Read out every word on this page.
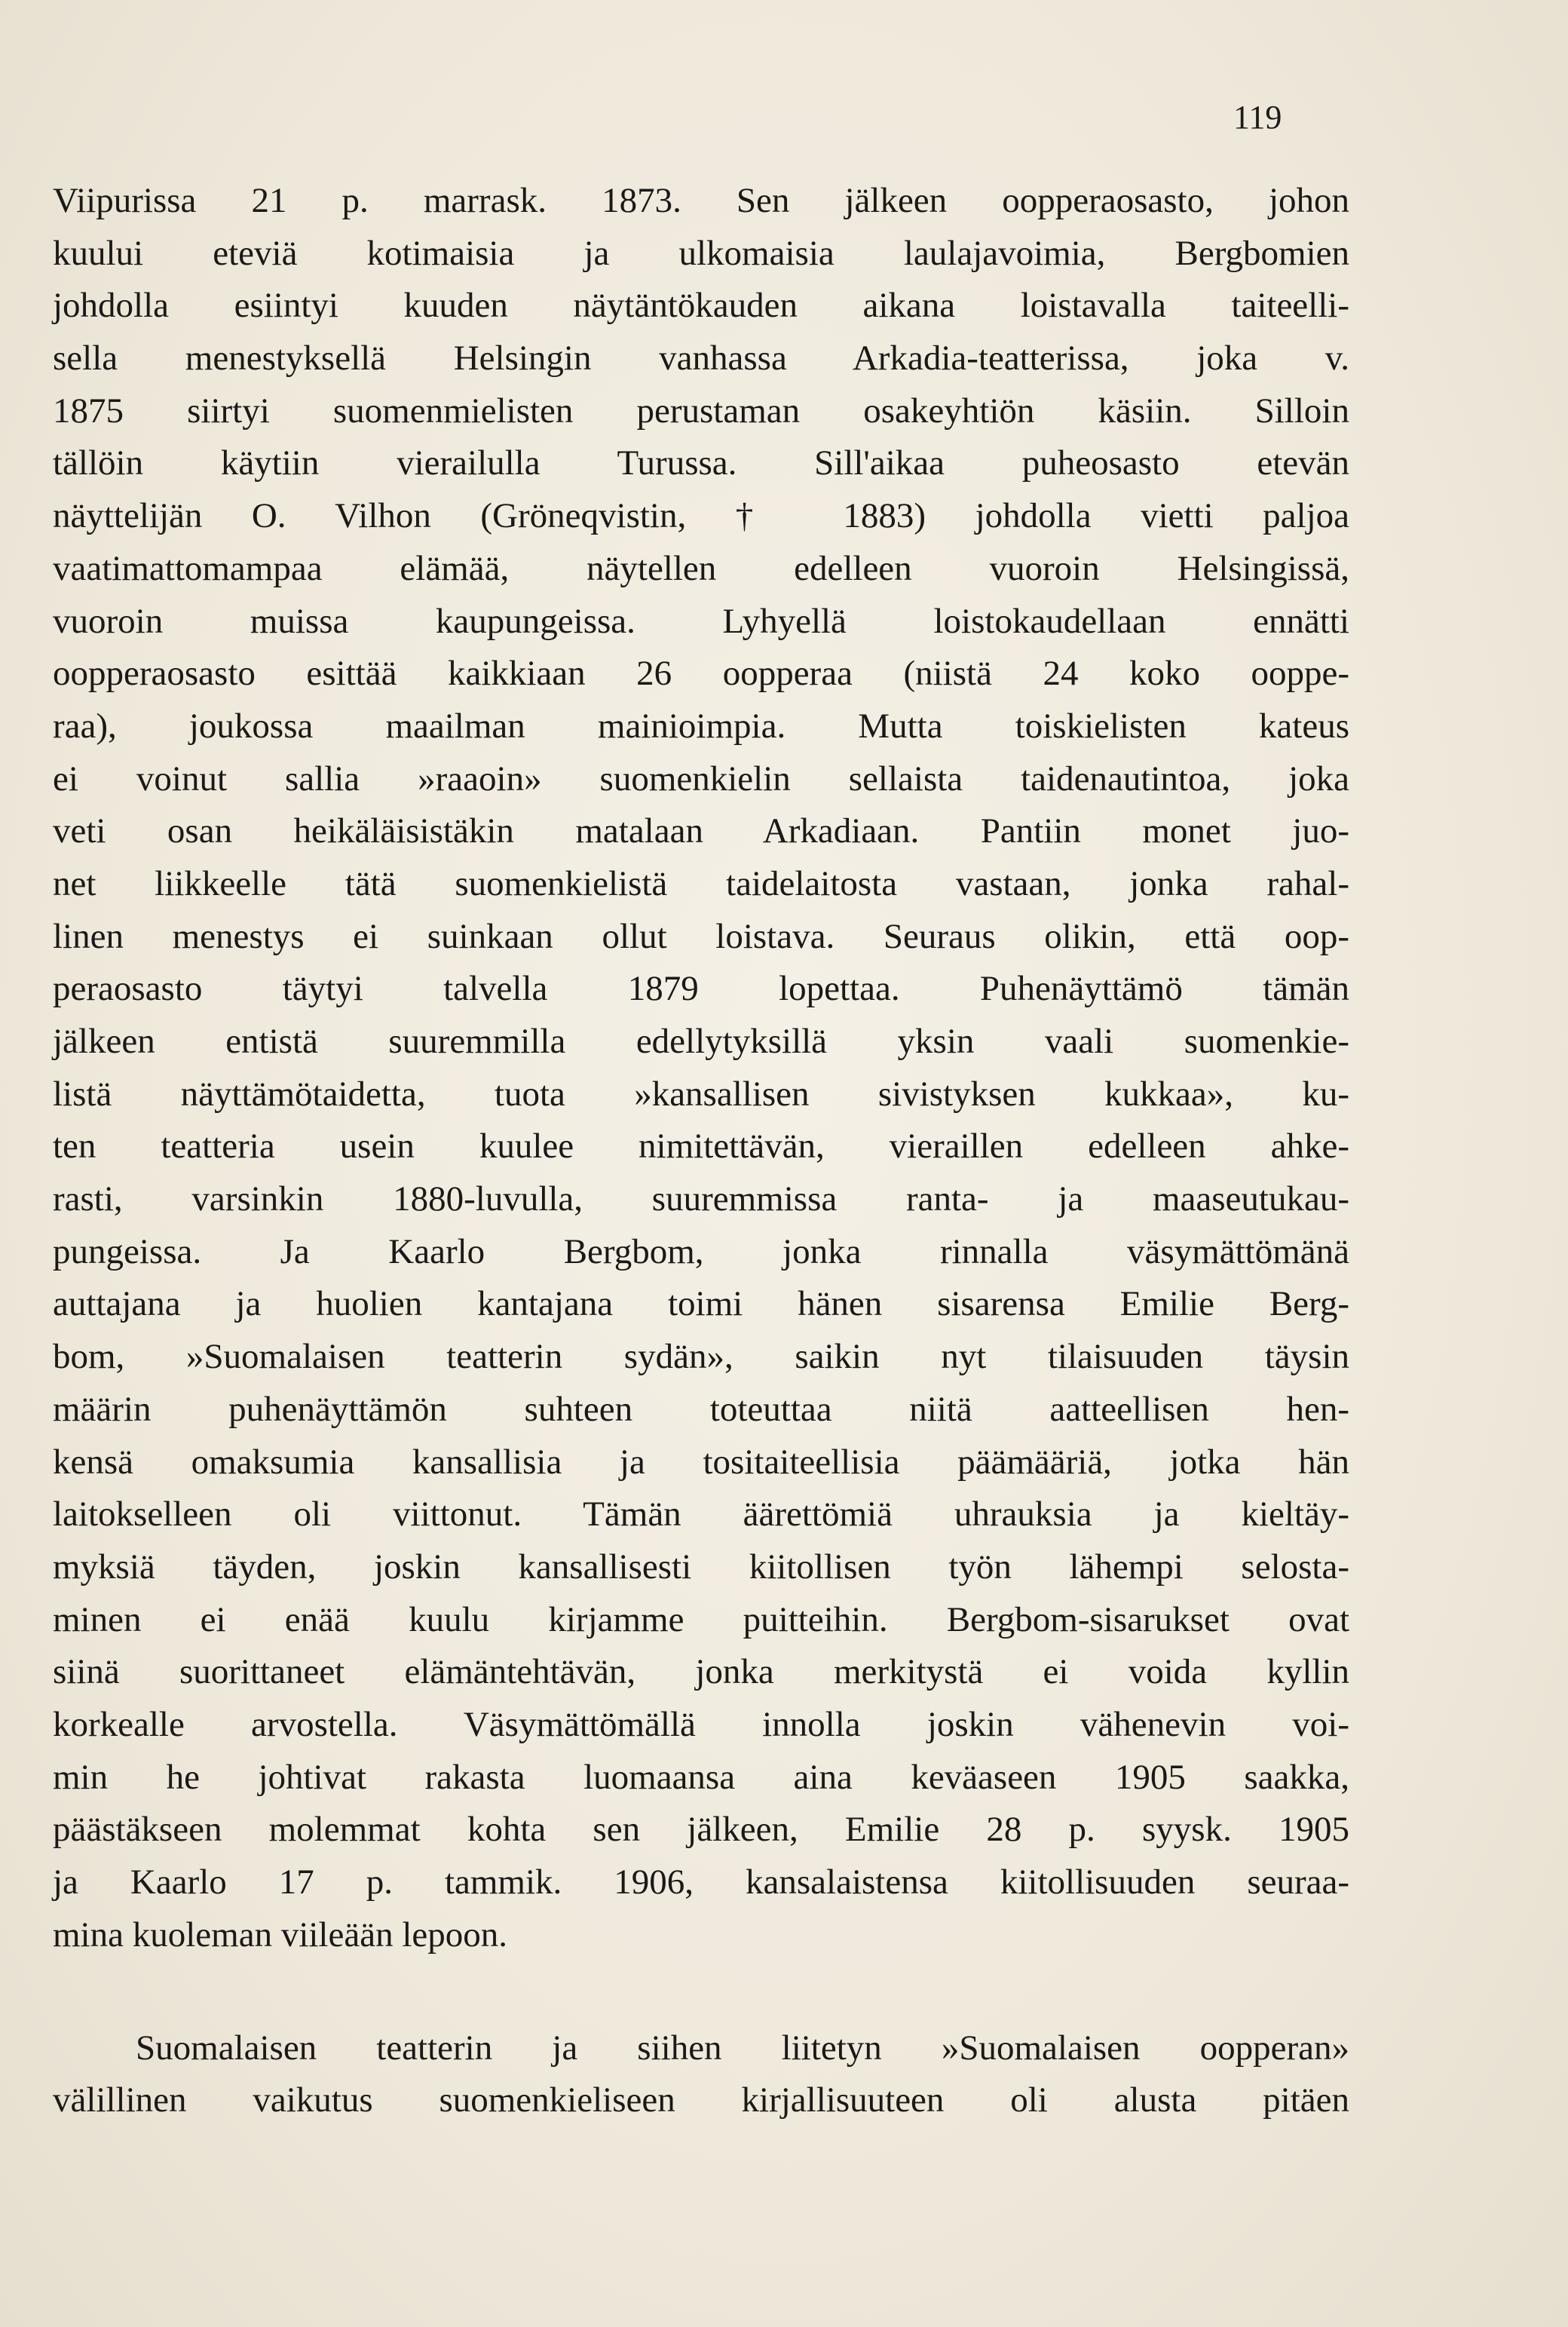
119
Viipurissa 21 p. marrask. 1873. Sen jälkeen oopperaosasto, johon
kuului eteviä kotimaisia ja ulkomaisia laulajavoimia, Bergbomien
johdolla esiintyi kuuden näytäntökauden aikana loistavalla taiteelli-
sella menestyksellä Helsingin vanhassa Arkadia-teatterissa, joka v.
1875 siirtyi suomenmielisten perustaman osakeyhtiön käsiin. Silloin
tällöin käytiin vierailulla Turussa. Sill'aikaa puheosasto etevän
näyttelijän O. Vilhon (Gröneqvistin, † 1883) johdolla vietti paljoa
vaatimattomampaa elämää, näytellen edelleen vuoroin Helsingissä,
vuoroin muissa kaupungeissa. Lyhyellä loistokaudellaan ennätti
oopperaosasto esittää kaikkiaan 26 oopperaa (niistä 24 koko ooppe-
raa), joukossa maailman mainioimpia. Mutta toiskielisten kateus
ei voinut sallia »raaoin» suomenkielin sellaista taidenautintoa, joka
veti osan heikäläisistäkin matalaan Arkadiaan. Pantiin monet juo-
net liikkeelle tätä suomenkielistä taidelaitosta vastaan, jonka rahal-
linen menestys ei suinkaan ollut loistava. Seuraus olikin, että oop-
peraosasto täytyi talvella 1879 lopettaa. Puhenäyttämö tämän
jälkeen entistä suuremmilla edellytyksillä yksin vaali suomenkie-
listä näyttämötaidetta, tuota »kansallisen sivistyksen kukkaa», ku-
ten teatteria usein kuulee nimitettävän, vieraillen edelleen ahke-
rasti, varsinkin 1880-luvulla, suuremmissa ranta- ja maaseutukau-
pungeissa. Ja Kaarlo Bergbom, jonka rinnalla väsymättömänä
auttajana ja huolien kantajana toimi hänen sisarensa Emilie Berg-
bom, »Suomalaisen teatterin sydän», saikin nyt tilaisuuden täysin
määrin puhenäyttämön suhteen toteuttaa niitä aatteellisen hen-
kensä omaksumia kansallisia ja tositaiteellisia päämääriä, jotka hän
laitokselleen oli viittonut. Tämän äärettömiä uhrauksia ja kieltäy-
myksiä täyden, joskin kansallisesti kiitollisen työn lähempi selosta-
minen ei enää kuulu kirjamme puitteihin. Bergbom-sisarukset ovat
siinä suorittaneet elämäntehtävän, jonka merkitystä ei voida kyllin
korkealle arvostella. Väsymättömällä innolla joskin vähenevin voi-
min he johtivat rakasta luomaansa aina keväaseen 1905 saakka,
päästäkseen molemmat kohta sen jälkeen, Emilie 28 p. syysk. 1905
ja Kaarlo 17 p. tammik. 1906, kansalaistensa kiitollisuuden seuraa-
mina kuoleman viileään lepoon.
Suomalaisen teatterin ja siihen liitetyn »Suomalaisen oopperan»
välillinen vaikutus suomenkieliseen kirjallisuuteen oli alusta pitäen
